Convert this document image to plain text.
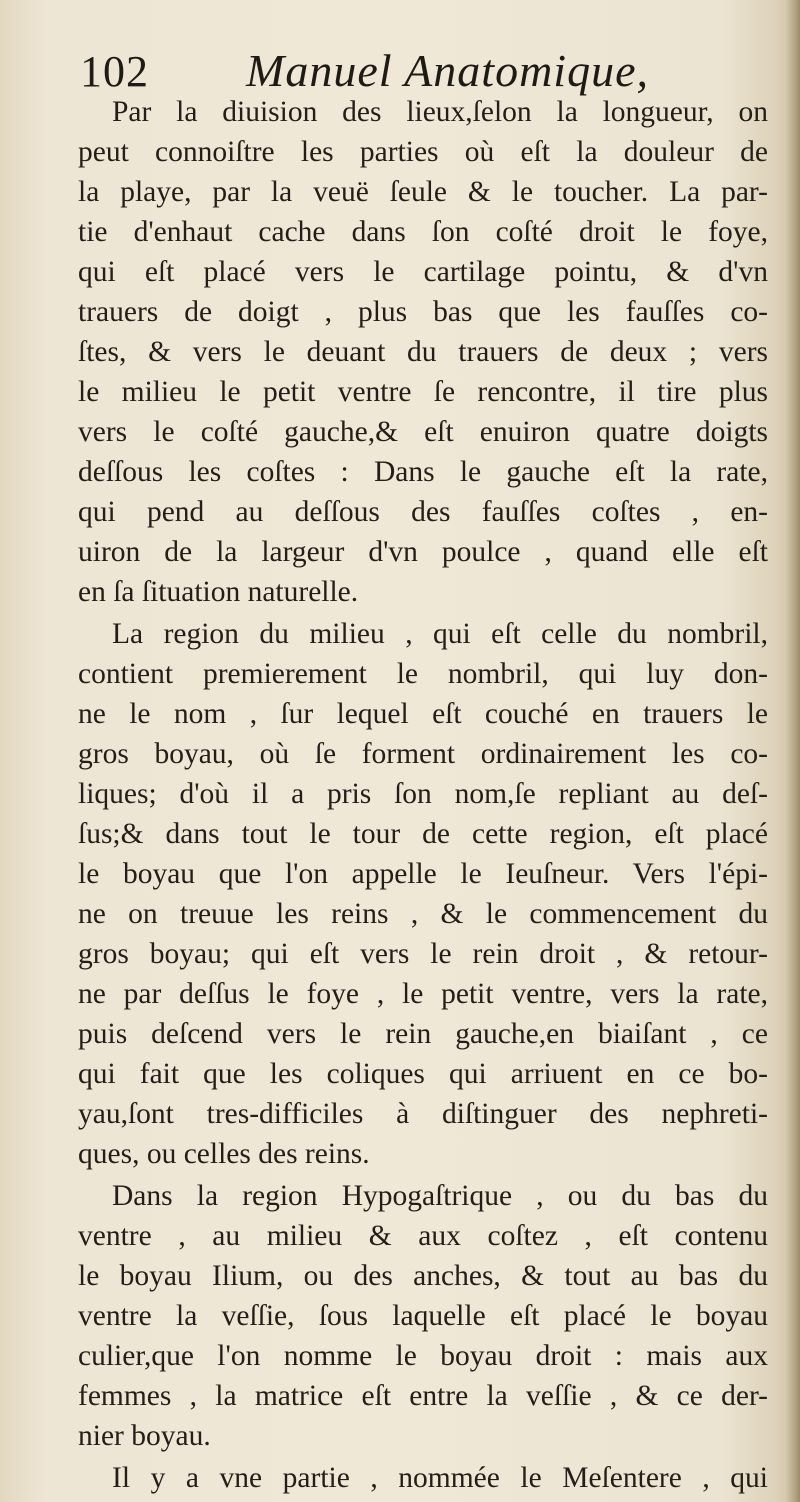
102 Manuel Anatomique,
Par la diuision des lieux,ſelon la longueur, on
peut connoiſtre les parties où eſt la douleur de
la playe, par la veuë ſeule & le toucher. La par-
tie d'enhaut cache dans ſon coſté droit le foye,
qui eſt placé vers le cartilage pointu, & d'vn
trauers de doigt , plus bas que les fauſſes co-
ſtes, & vers le deuant du trauers de deux ; vers
le milieu le petit ventre ſe rencontre, il tire plus
vers le coſté gauche,& eſt enuiron quatre doigts
deſſous les coſtes : Dans le gauche eſt la rate,
qui pend au deſſous des fauſſes coſtes , en-
uiron de la largeur d'vn poulce , quand elle eſt
en ſa ſituation naturelle.
La region du milieu , qui eſt celle du nombril,
contient premierement le nombril, qui luy don-
ne le nom , ſur lequel eſt couché en trauers le
gros boyau, où ſe forment ordinairement les co-
liques; d'où il a pris ſon nom,ſe repliant au deſ-
ſus;& dans tout le tour de cette region, eſt placé
le boyau que l'on appelle le Ieuſneur. Vers l'épi-
ne on treuue les reins , & le commencement du
gros boyau; qui eſt vers le rein droit , & retour-
ne par deſſus le foye , le petit ventre, vers la rate,
puis deſcend vers le rein gauche,en biaiſant , ce
qui fait que les coliques qui arriuent en ce bo-
yau,ſont tres-difficiles à diſtinguer des nephreti-
ques, ou celles des reins.
Dans la region Hypogaſtrique , ou du bas du
ventre , au milieu & aux coſtez , eſt contenu
le boyau Ilium, ou des anches, & tout au bas du
ventre la veſſie, ſous laquelle eſt placé le boyau
culier,que l'on nomme le boyau droit : mais aux
femmes , la matrice eſt entre la veſſie , & ce der-
nier boyau.
Il y a vne partie , nommée le Meſentere , qui
